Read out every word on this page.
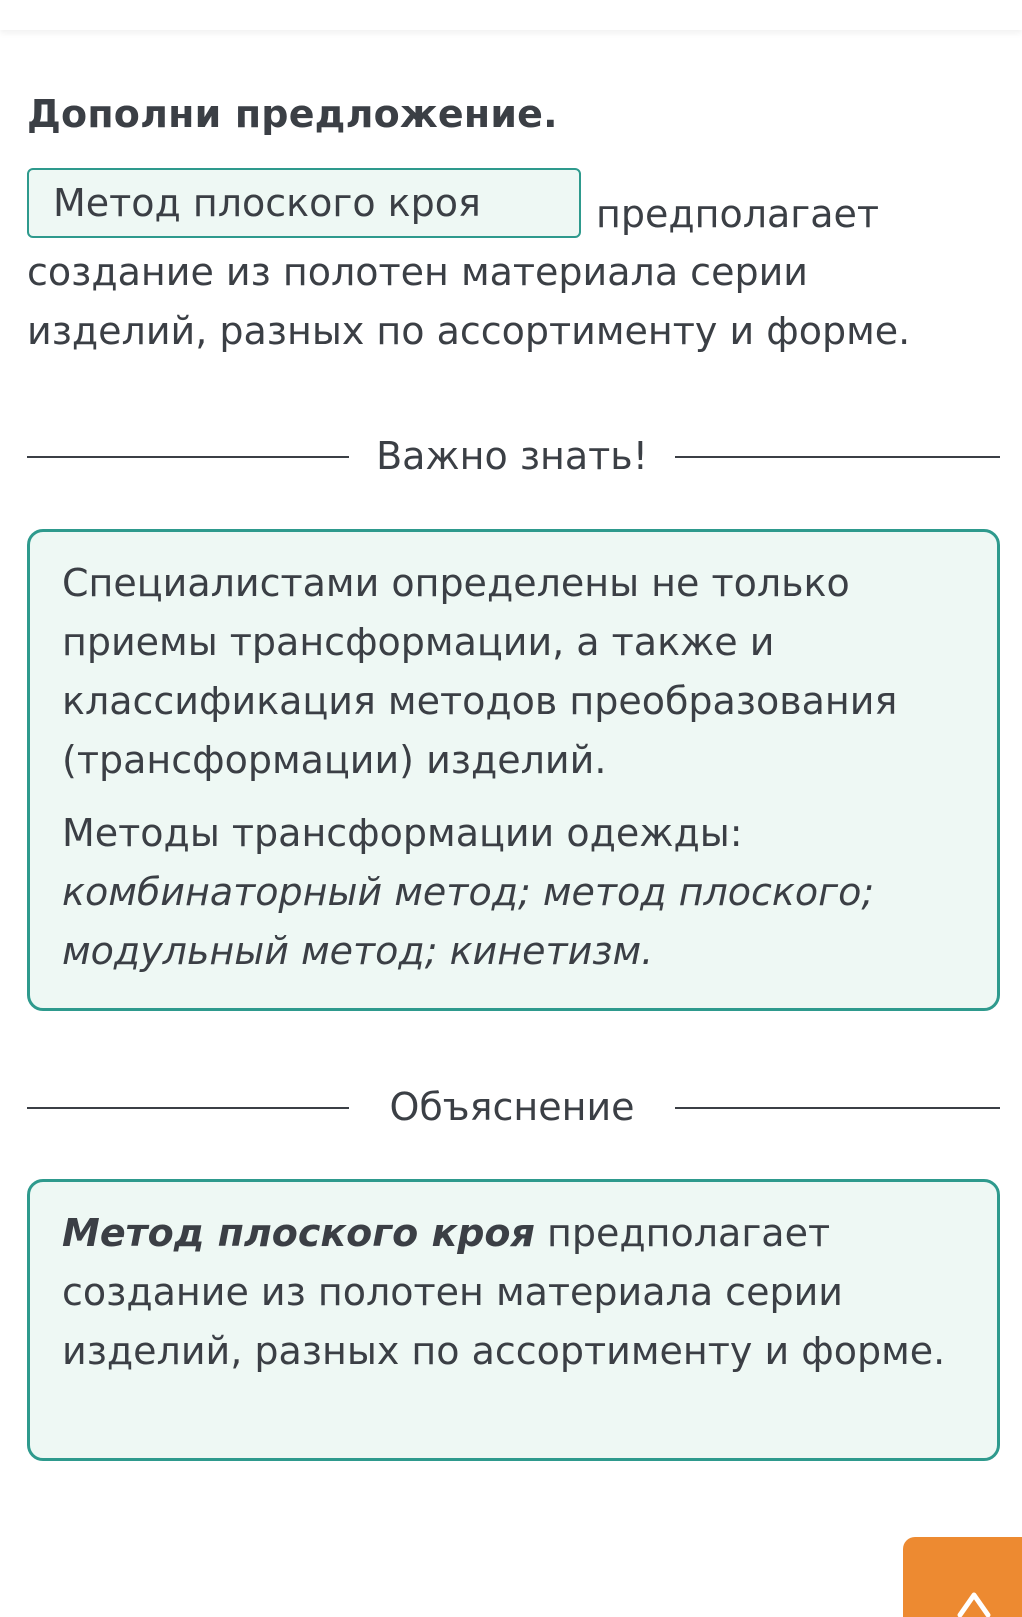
Дополни предложение.
Метод плоского кроя	предполагает
создание из полотен материала серии
изделий, разных по ассортименту и форме.
Важно знать!

Специалистами определены не только приемы трансформации, а также и классификация методов преобразования (трансформации) изделий.

Методы трансформации одежды: комбинаторный метод; метод плоского; модульный метод; кинетизм.

Объяснение

Метод плоского кроя предполагает создание из полотен материала серии изделий, разных по ассортименту и форме.
